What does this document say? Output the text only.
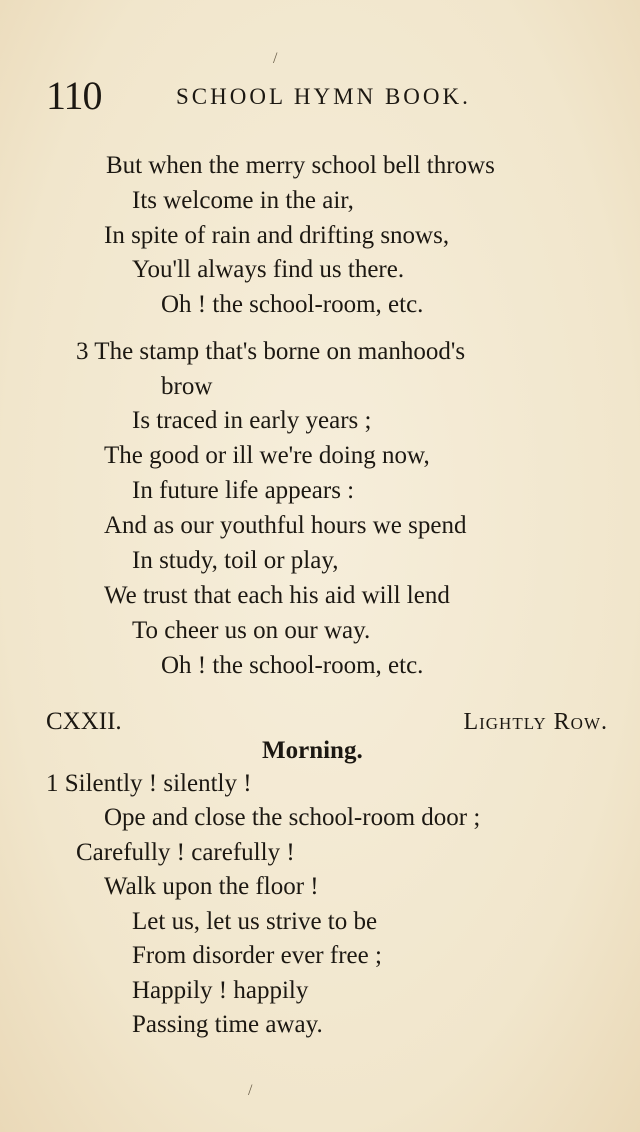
/
110	SCHOOL HYMN BOOK.
But when the merry school bell throws
Its welcome in the air,
In spite of rain and drifting snows,
You'll always find us there.
Oh ! the school-room, etc.
3 The stamp that's borne on manhood's
brow
Is traced in early years ;
The good or ill we're doing now,
In future life appears :
And as our youthful hours we spend
In study, toil or play,
We trust that each his aid will lend
To cheer us on our way.
Oh ! the school-room, etc.
CXXII.	Lightly Row.
Morning.
1 Silently ! silently !
Ope and close the school-room door ;
Carefully ! carefully !
Walk upon the floor !
Let us, let us strive to be
From disorder ever free ;
Happily ! happily
Passing time away.
/
